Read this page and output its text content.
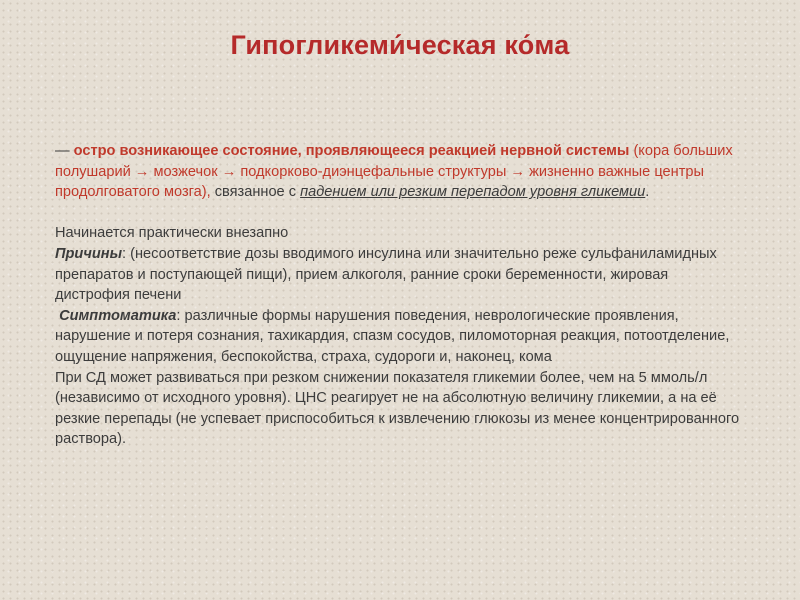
Гипогликеми́ческая ко́ма

— остро возникающее состояние, проявляющееся реакцией нервной системы (кора больших полушарий → мозжечок → подкорково-диэнцефальные структуры → жизненно важные центры продолговатого мозга), связанное с падением или резким перепадом уровня гликемии.

Начинается практически внезапно

Причины: (несоответствие дозы вводимого инсулина или значительно реже сульфаниламидных препаратов и поступающей пищи), прием алкоголя, ранние сроки беременности, жировая дистрофия печени

Симптоматика: различные формы нарушения поведения, неврологические проявления, нарушение и потеря сознания, тахикардия, спазм сосудов, пиломоторная реакция, потоотделение, ощущение напряжения, беспокойства, страха, судороги и, наконец, кома

При СД может развиваться при резком снижении показателя гликемии более, чем на 5 ммоль/л (независимо от исходного уровня). ЦНС реагирует не на абсолютную величину гликемии, а на её резкие перепады (не успевает приспособиться к извлечению глюкозы из менее концентрированного раствора).
